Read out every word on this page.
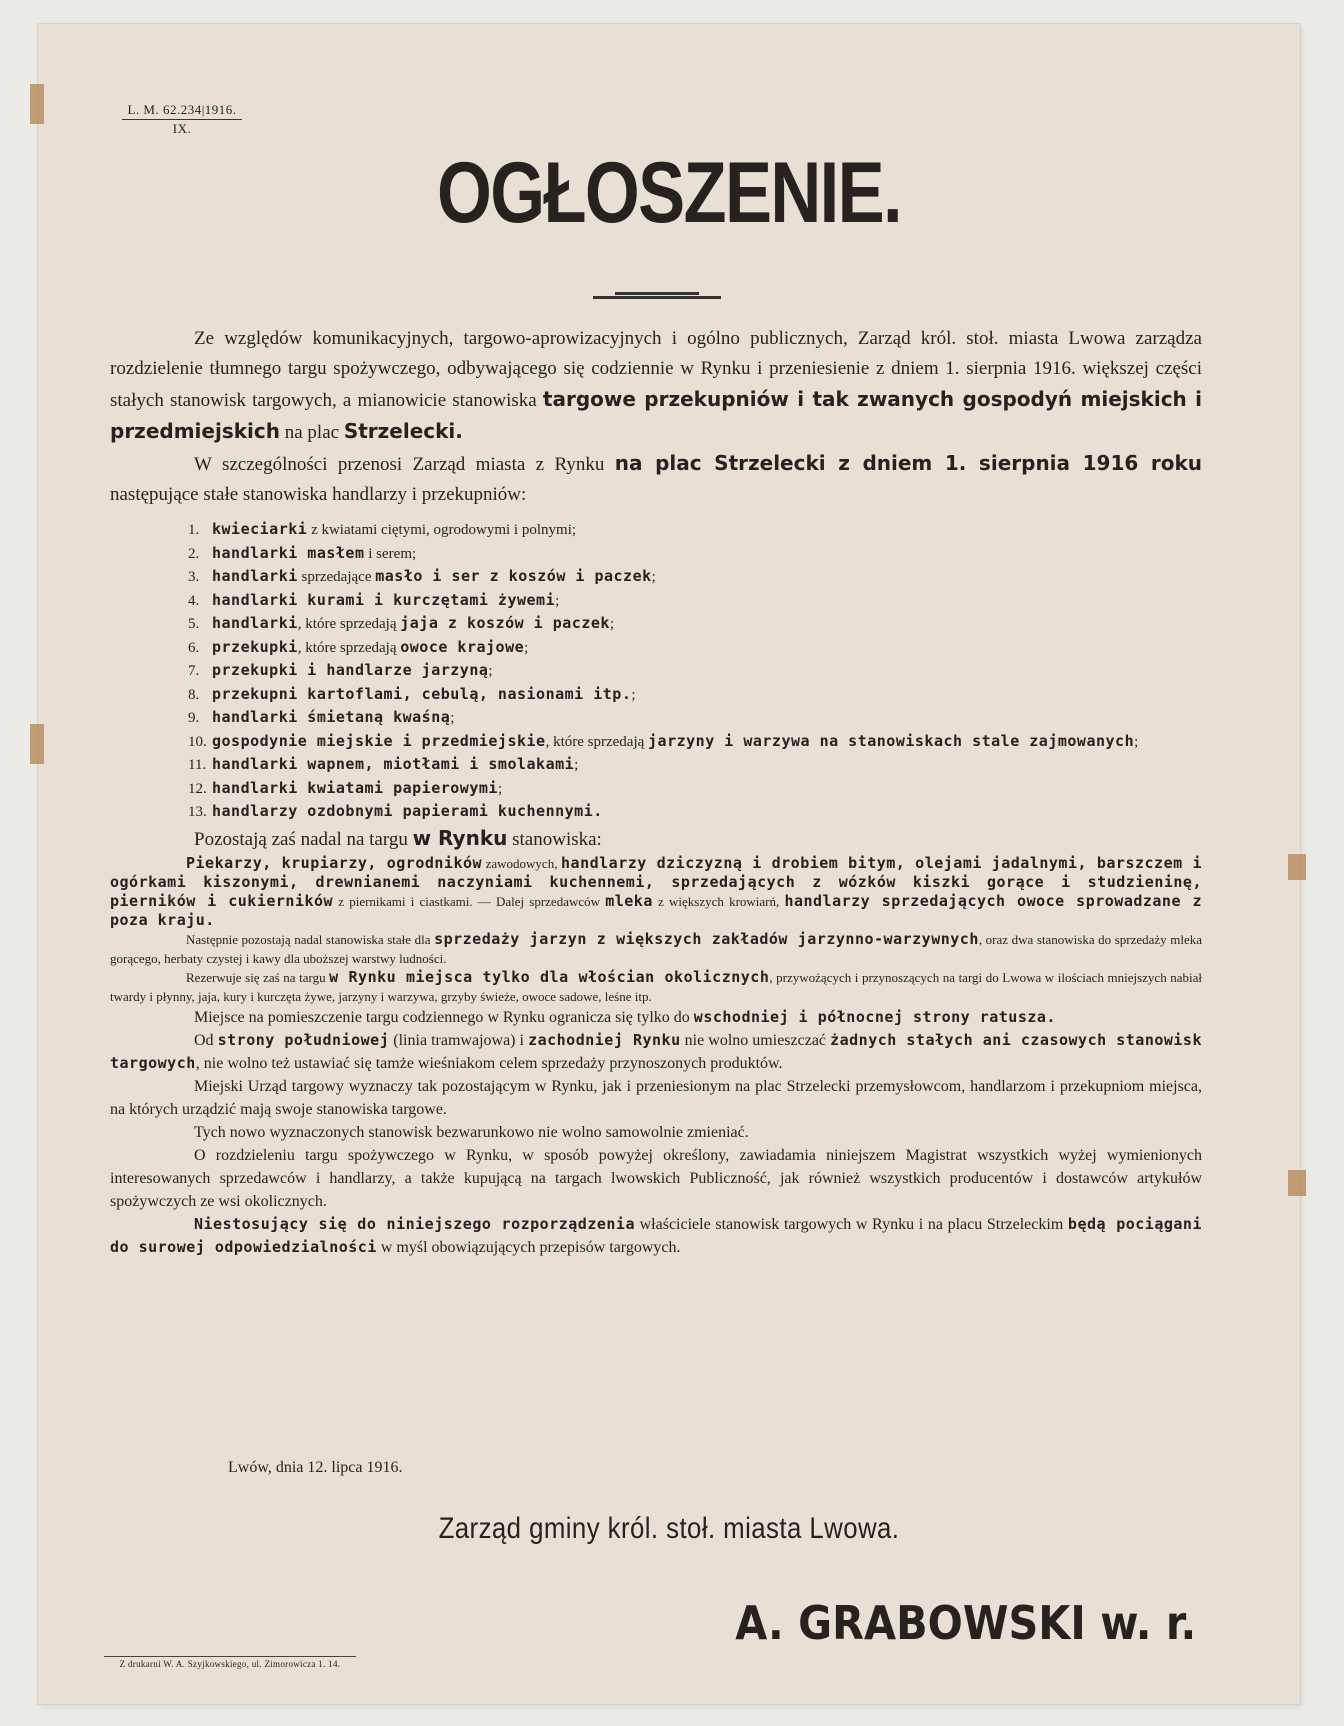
L. M. 62.234|1916.
IX.
OGŁOSZENIE.

Ze względów komunikacyjnych, targowo-aprowizacyjnych i ogólno publicznych, Zarząd król. stoł. miasta Lwowa zarządza rozdzielenie tłumnego targu spożywczego, odbywającego się codziennie w Rynku i przeniesienie z dniem 1. sierpnia 1916. większej części stałych stanowisk targowych, a mianowicie stanowiska targowe przekupniów i tak zwanych gospodyń miejskich i przedmiejskich na plac Strzelecki.

W szczególności przenosi Zarząd miasta z Rynku na plac Strzelecki z dniem 1. sierpnia 1916 roku następujące stałe stanowiska handlarzy i przekupniów:

1. kwieciarki z kwiatami ciętymi, ogrodowymi i polnymi;
2. handlarki masłem i serem;
3. handlarki sprzedające masło i ser z koszów i paczek;
4. handlarki kurami i kurczętami żywemi;
5. handlarki, które sprzedają jaja z koszów i paczek;
6. przekupki, które sprzedają owoce krajowe;
7. przekupki i handlarze jarzyną;
8. przekupni kartoflami, cebulą, nasionami itp.;
9. handlarki śmietaną kwaśną;
10. gospodynie miejskie i przedmiejskie, które sprzedają jarzyny i warzywa na stanowiskach stale zajmowanych;
11. handlarki wapnem, miotłami i smolakami;
12. handlarki kwiatami papierowymi;
13. handlarzy ozdobnymi papierami kuchennymi.

Pozostają zaś nadal na targu w Rynku stanowiska:

Piekarzy, krupiarzy, ogrodników zawodowych, handlarzy dziczyzną i drobiem bitym, olejami jadalnymi, barszczem i ogórkami kiszonymi, drewnianemi naczyniami kuchennemi, sprzedających z wózków kiszki gorące i studzieninę, pierników i cukierników z piernikami i ciastkami. — Dalej sprzedawców mleka z większych krowiarń, handlarzy sprzedających owoce sprowadzane z poza kraju.

Następnie pozostają nadal stanowiska stałe dla sprzedaży jarzyn z większych zakładów jarzynno-warzywnych, oraz dwa stanowiska do sprzedaży mleka gorącego, herbaty czystej i kawy dla uboższej warstwy ludności.

Rezerwuje się zaś na targu w Rynku miejsca tylko dla włościan okolicznych, przywożących i przynoszących na targi do Lwowa w ilościach mniejszych nabiał twardy i płynny, jaja, kury i kurczęta żywe, jarzyny i warzywa, grzyby świeże, owoce sadowe, leśne itp.

Miejsce na pomieszczenie targu codziennego w Rynku ogranicza się tylko do wschodniej i północnej strony ratusza.

Od strony południowej (linia tramwajowa) i zachodniej Rynku nie wolno umieszczać żadnych stałych ani czasowych stanowisk targowych, nie wolno też ustawiać się tamże wieśniakom celem sprzedaży przynoszonych produktów.

Miejski Urząd targowy wyznaczy tak pozostającym w Rynku, jak i przeniesionym na plac Strzelecki przemysłowcom, handlarzom i przekupniom miejsca, na których urządzić mają swoje stanowiska targowe.

Tych nowo wyznaczonych stanowisk bezwarunkowo nie wolno samowolnie zmieniać.

O rozdzieleniu targu spożywczego w Rynku, w sposób powyżej określony, zawiadamia niniejszem Magistrat wszystkich wyżej wymienionych interesowanych sprzedawców i handlarzy, a także kupującą na targach lwowskich Publiczność, jak również wszystkich producentów i dostawców artykułów spożywczych ze wsi okolicznych.

Niestosujący się do niniejszego rozporządzenia właściciele stanowisk targowych w Rynku i na placu Strzeleckim będą pociągani do surowej odpowiedzialności w myśl obowiązujących przepisów targowych.

Lwów, dnia 12. lipca 1916.
Zarząd gminy król. stoł. miasta Lwowa.
A. GRABOWSKI w. r.
Z drukarni W. A. Szyjkowskiego, ul. Zimorowicza 1. 14.
